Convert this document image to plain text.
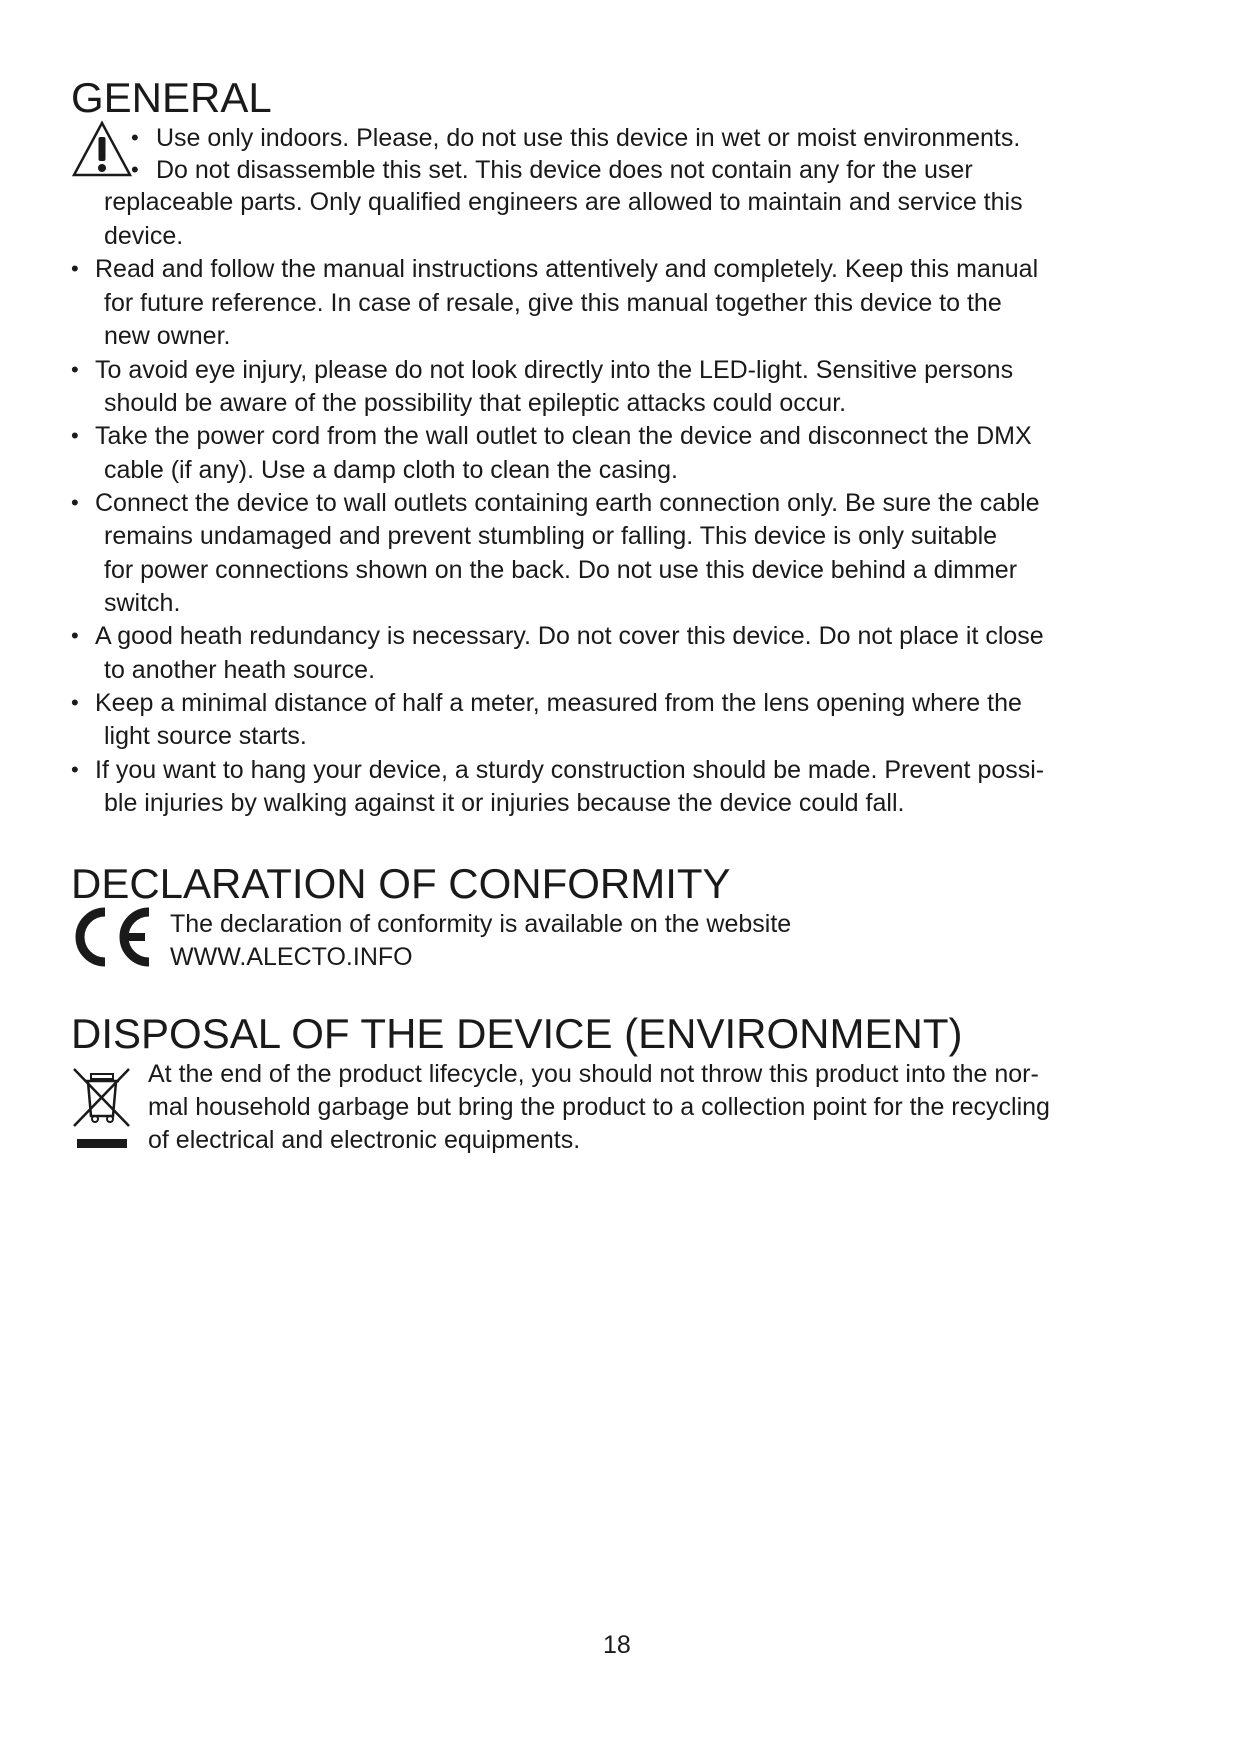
GENERAL
• Use only indoors. Please, do not use this device in wet or moist environments.

• Do not disassemble this set. This device does not contain any for the user

replaceable parts. Only qualified engineers are allowed to maintain and service this

device.

• Read and follow the manual instructions attentively and completely. Keep this manual

for future reference. In case of resale, give this manual together this device to the

new owner.

• To avoid eye injury, please do not look directly into the LED-light. Sensitive persons

should be aware of the possibility that epileptic attacks could occur.

• Take the power cord from the wall outlet to clean the device and disconnect the DMX

cable (if any). Use a damp cloth to clean the casing.

• Connect the device to wall outlets containing earth connection only. Be sure the cable

remains undamaged and prevent stumbling or falling. This device is only suitable

for power connections shown on the back. Do not use this device behind a dimmer

switch.

• A good heath redundancy is necessary. Do not cover this device. Do not place it close

to another heath source.

• Keep a minimal distance of half a meter, measured from the lens opening where the

light source starts.

• If you want to hang your device, a sturdy construction should be made. Prevent possi-

ble injuries by walking against it or injuries because the device could fall.

DECLARATION OF CONFORMITY

The declaration of conformity is available on the website

WWW.ALECTO.INFO

DISPOSAL OF THE DEVICE (ENVIRONMENT)

At the end of the product lifecycle, you should not throw this product into the nor-

mal household garbage but bring the product to a collection point for the recycling

of electrical and electronic equipments.

18
